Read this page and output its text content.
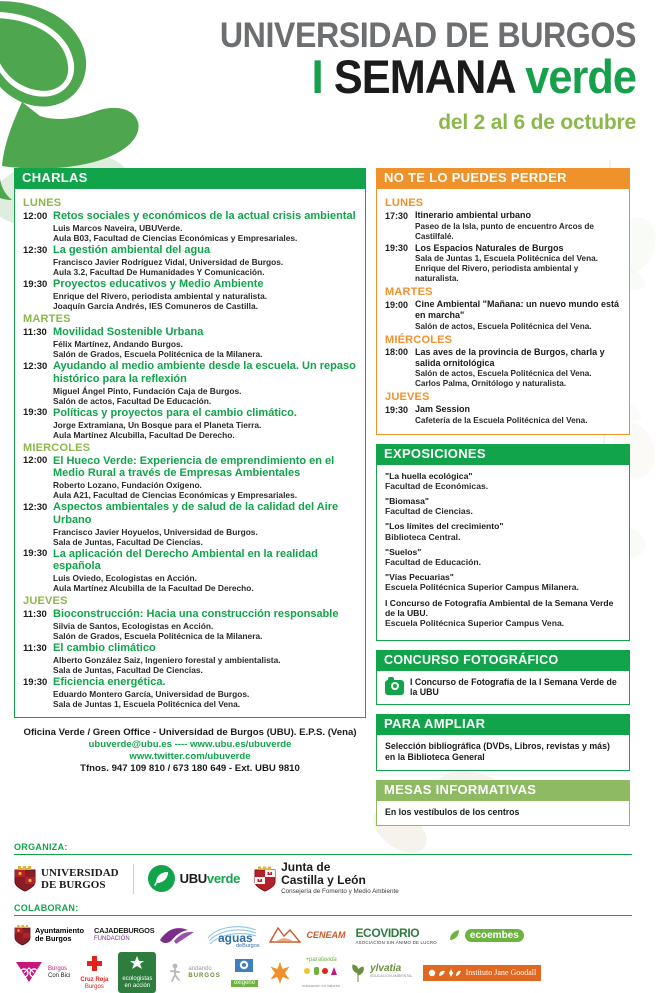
UNIVERSIDAD DE BURGOS
I SEMANA verde
del 2 al 6 de octubre
CHARLAS
LUNES
12:00 Retos sociales y económicos de la actual crisis ambiental
Luis Marcos Naveira, UBUVerde.
Aula B03, Facultad de Ciencias Económicas y Empresariales.
12:30 La gestión ambiental del agua
Francisco Javier Rodríguez Vidal, Universidad de Burgos.
Aula 3.2, Facultad De Humanidades Y Comunicación.
19:30 Proyectos educativos y Medio Ambiente
Enrique del Rivero, periodista ambiental y naturalista.
Joaquín García Andrés, IES Comuneros de Castilla.
MARTES
11:30 Movilidad Sostenible Urbana
Félix Martínez, Andando Burgos.
Salón de Grados, Escuela Politécnica de la Milanera.
12:30 Ayudando al medio ambiente desde la escuela. Un repaso histórico para la reflexión
Miguel Ángel Pinto, Fundación Caja de Burgos.
Salón de actos, Facultad De Educación.
19:30 Políticas y proyectos para el cambio climático.
Jorge Extramiana, Un Bosque para el Planeta Tierra.
Aula Martínez Alcubilla, Facultad De Derecho.
MIERCOLES
12:00 El Hueco Verde: Experiencia de emprendimiento en el Medio Rural a través de Empresas Ambientales
Roberto Lozano, Fundación Oxígeno.
Aula A21, Facultad de Ciencias Económicas y Empresariales.
12:30 Aspectos ambientales y de salud de la calidad del Aire Urbano
Francisco Javier Hoyuelos, Universidad de Burgos.
Sala de Juntas, Facultad De Ciencias.
19:30 La aplicación del Derecho Ambiental en la realidad española
Luis Oviedo, Ecologistas en Acción.
Aula Martínez Alcubilla de la Facultad De Derecho.
JUEVES
11:30 Bioconstrucción: Hacia una construcción responsable
Silvia de Santos, Ecologistas en Acción.
Salón de Grados, Escuela Politécnica de la Milanera.
11:30 El cambio climático
Alberto González Saiz, Ingeniero forestal y ambientalista.
Sala de Juntas, Facultad De Ciencias.
19:30 Eficiencia energética.
Eduardo Montero García, Universidad de Burgos.
Sala de Juntas 1, Escuela Politécnica del Vena.
Oficina Verde / Green Office - Universidad de Burgos (UBU). E.P.S. (Vena)
ubuverde@ubu.es ---- www.ubu.es/ubuverde
www.twitter.com/ubuverde
Tfnos. 947 109 810 / 673 180 649 - Ext. UBU 9810
NO TE LO PUEDES PERDER
LUNES
17:30 Itinerario ambiental urbano
Paseo de la Isla, punto de encuentro Arcos de Castilfalé.
19:30 Los Espacios Naturales de Burgos
Sala de Juntas 1, Escuela Politécnica del Vena.
Enrique del Rivero, periodista ambiental y naturalista.
MARTES
19:00 Cine Ambiental "Mañana: un nuevo mundo está en marcha"
Salón de actos, Escuela Politécnica del Vena.
MIÉRCOLES
18:00 Las aves de la provincia de Burgos, charla y salida ornitológica
Salón de actos, Escuela Politécnica del Vena.
Carlos Palma, Ornitólogo y naturalista.
JUEVES
19:30 Jam Session
Cafetería de la Escuela Politécnica del Vena.
EXPOSICIONES
"La huella ecológica"
Facultad de Económicas.
"Biomasa"
Facultad de Ciencias.
"Los límites del crecimiento"
Biblioteca Central.
"Suelos"
Facultad de Educación.
"Vías Pecuarias"
Escuela Politécnica Superior Campus Milanera.
I Concurso de Fotografía Ambiental de la Semana Verde de la UBU.
Escuela Politécnica Superior Campus Vena.
CONCURSO FOTOGRÁFICO
I Concurso de Fotografía de la I Semana Verde de la UBU
PARA AMPLIAR
Selección bibliográfica (DVDs, Libros, revistas y más) en la Biblioteca General
MESAS INFORMATIVAS
En los vestíbulos de los centros
ORGANIZA:
UNIVERSIDAD
DE BURGOS	UBUverde
Junta de
Castilla y León
Consejería de Fomento y Medio Ambiente
COLABORAN:
Ayuntamiento
de Burgos
CAJADEBURGOS
FUNDACIÓN	aguas
deBurgos
CENEAM ECOVIDRIO
ASOCIACIÓN SIN ÁNIMO DE LUCRO
ecoembes
Burgos
Con Bici
Cruz Roja
Burgos
ecologistas
en acción
andando
BURGOS
oxígeno
+paralavida
educación en valores
ylvatia
EDUCACIÓN AMBIENTAL	Instituto Jane Goodall
